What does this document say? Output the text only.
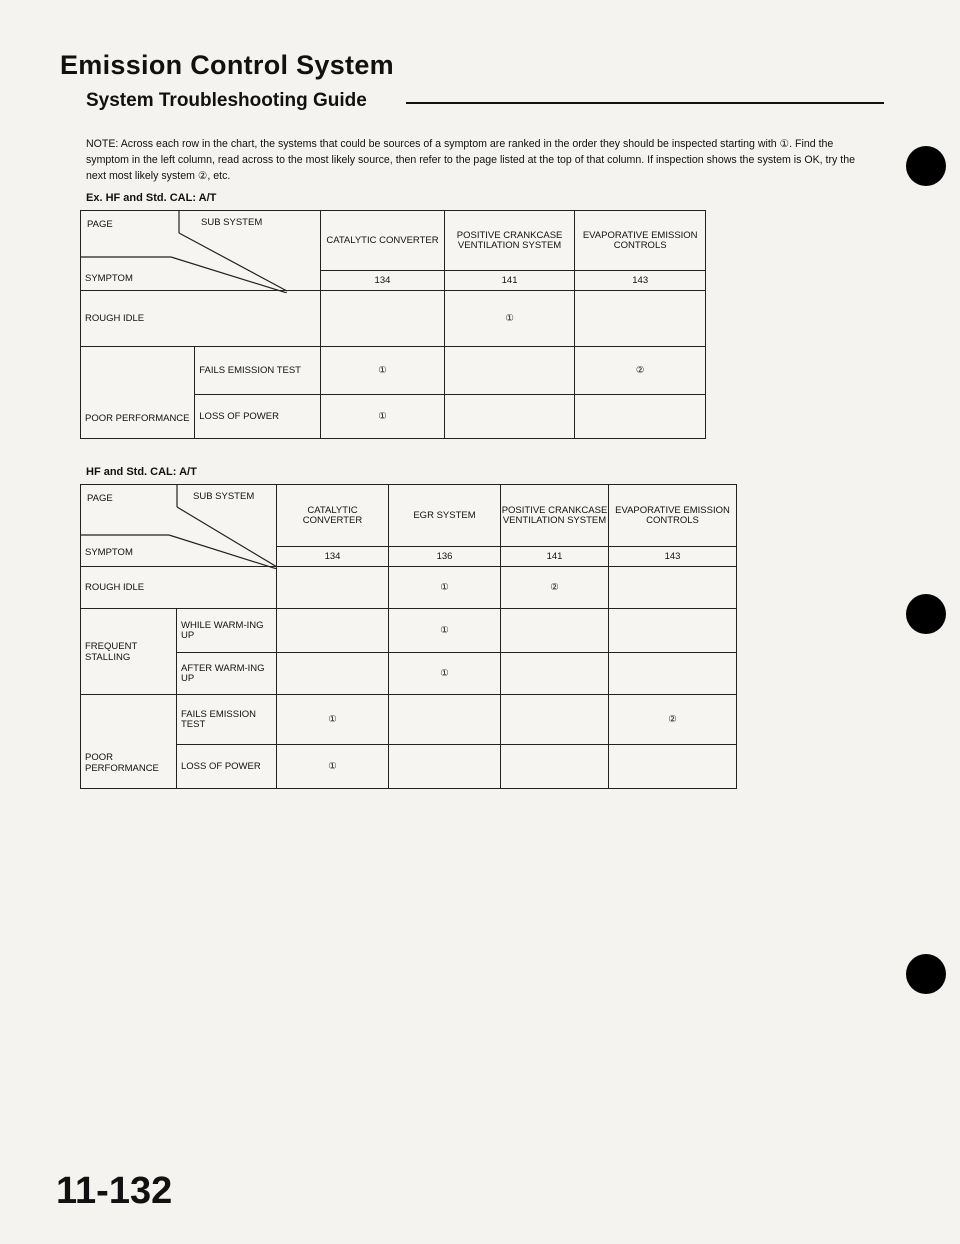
Emission Control System
System Troubleshooting Guide
NOTE: Across each row in the chart, the systems that could be sources of a symptom are ranked in the order they should be inspected starting with ①. Find the symptom in the left column, read across to the most likely source, then refer to the page listed at the top of that column. If inspection shows the system is OK, try the next most likely system ②, etc.
Ex. HF and Std. CAL: A/T
PAGE SUB SYSTEM
SYMPTOM		CATALYTIC CONVERTER	POSITIVE CRANKCASE VENTILATION SYSTEM	EVAPORATIVE EMISSION CONTROLS
		134	141	143
ROUGH IDLE			①	
POOR PERFORMANCE	FAILS EMISSION TEST	①		②
	LOSS OF POWER	①		
HF and Std. CAL: A/T
PAGE SUB SYSTEM
SYMPTOM		CATALYTIC CONVERTER	EGR SYSTEM	POSITIVE CRANKCASE VENTILATION SYSTEM	EVAPORATIVE EMISSION CONTROLS
		134	136	141	143
ROUGH IDLE			①	②	
FREQUENT STALLING	WHILE WARM-ING UP		①		
	AFTER WARM-ING UP		①		
POOR PERFORMANCE	FAILS EMISSION TEST	①			②
	LOSS OF POWER	①			
11-132
